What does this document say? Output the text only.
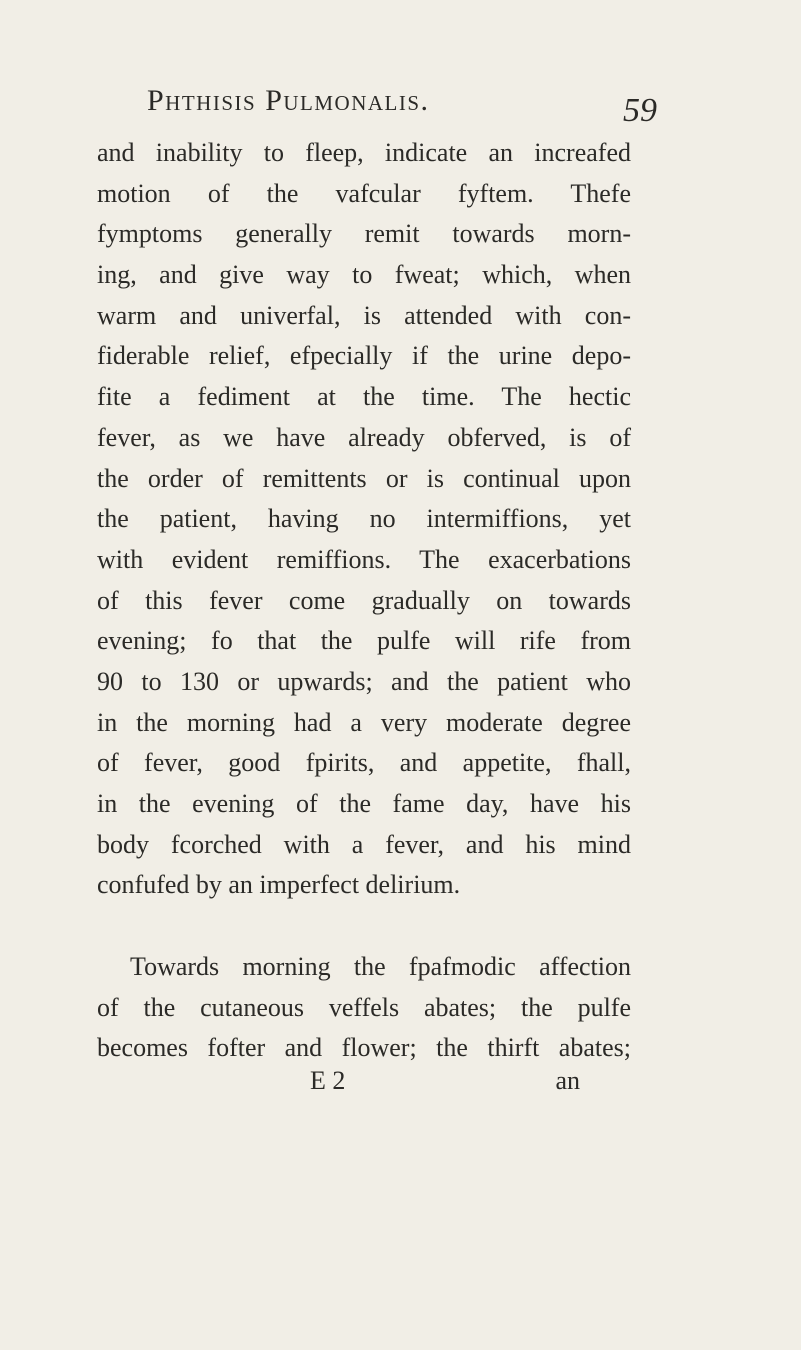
Phthisis Pulmonalis.	59
and inability to fleep, indicate an increafed
motion of the vafcular fyftem. Thefe
fymptoms generally remit towards morn-
ing, and give way to fweat; which, when
warm and univerfal, is attended with con-
fiderable relief, efpecially if the urine depo-
fite a fediment at the time. The hectic
fever, as we have already obferved, is of
the order of remittents or is continual upon
the patient, having no intermiffions, yet
with evident remiffions. The exacerbations
of this fever come gradually on towards
evening; fo that the pulfe will rife from
90 to 130 or upwards; and the patient who
in the morning had a very moderate degree
of fever, good fpirits, and appetite, fhall,
in the evening of the fame day, have his
body fcorched with a fever, and his mind
confufed by an imperfect delirium.
Towards morning the fpafmodic affection
of the cutaneous veffels abates; the pulfe
becomes fofter and flower; the thirft abates;
E 2	an
